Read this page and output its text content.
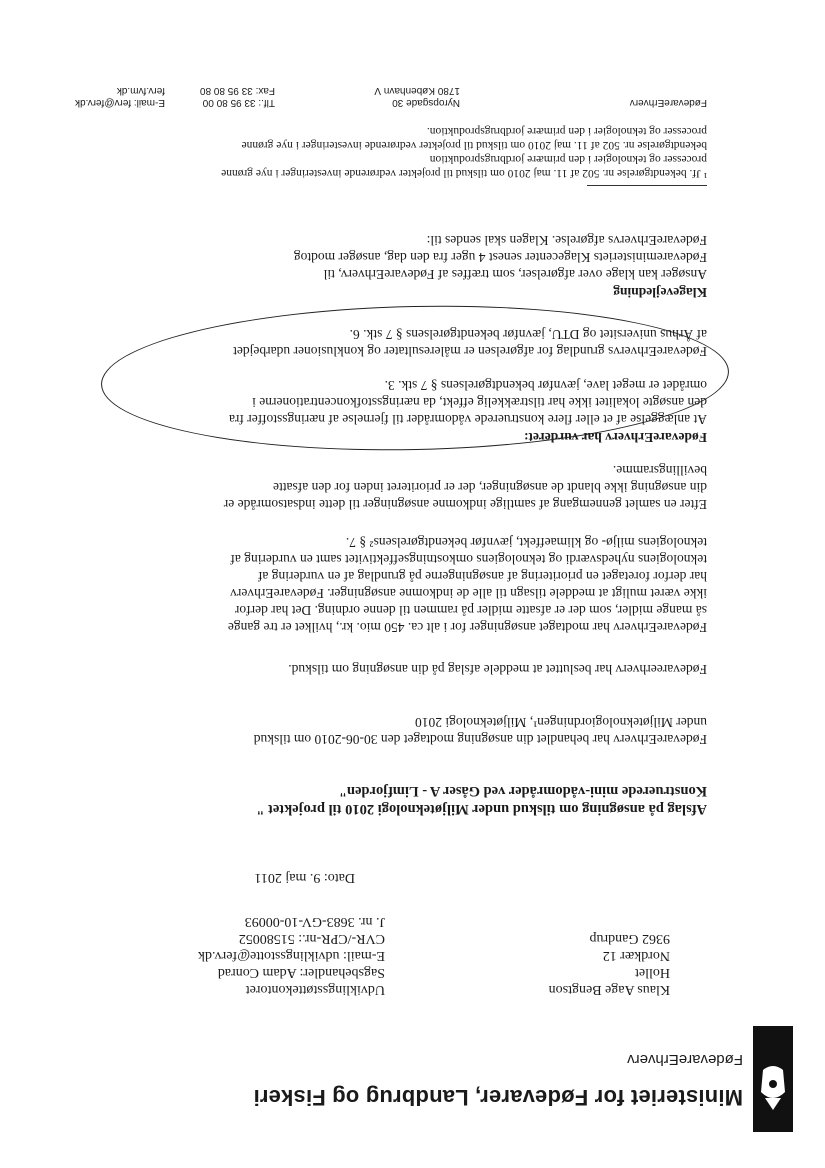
Ministeriet for Fødevarer, Landbrug og Fiskeri
FødevareErhverv
Klaus Aage Bengtson
Hollet
Nordkær 12
9362 Gandrup
Udviklingsstøttekontoret
Sagsbehandler: Adam Conrad
E-mail: udviklingsstotte@ferv.dk
CVR-/CPR-nr.: 51580052
J. nr. 3683-GV-10-00093
Dato: 9. maj 2011
Afslag på ansøgning om tilskud under Miljøteknologi 2010 til projektet "
Konstruerede mini-vådområder ved Gåser A - Limfjorden"
FødevareErhverv har behandlet din ansøgning modtaget den 30-06-2010 om tilskud
under Miljøteknologiordningen¹, Miljøteknologi 2010
Fødevareerhverv har besluttet at meddele afslag på din ansøgning om tilskud.
FødevareErhverv har modtaget ansøgninger for i alt ca. 450 mio. kr., hvilket er tre gange
så mange midler, som der er afsatte midler på rammen til denne ordning. Det har derfor
ikke været muligt at meddele tilsagn til alle de indkomne ansøgninger. FødevareErhverv
har derfor foretaget en prioritering af ansøgningerne på grundlag af en vurdering af
teknologiens nyhedsværdi og teknologiens omkostningseffektivitet samt en vurdering af
teknologiens miljø- og klimaeffekt, jævnfør bekendtgørelsens² § 7.
Efter en samlet gennemgang af samtlige indkomne ansøgninger til dette indsatsområde er
din ansøgning ikke blandt de ansøgninger, der er prioriteret inden for den afsatte
bevillingsramme.
FødevareErhverv har vurderet:
At anlæggelse af et eller flere konstruerede vådområder til fjernelse af næringsstoffer fra
den ansøgte lokalitet ikke har tilstrækkelig effekt, da næringsstofkoncentrationerne i
området er meget lave, jævnfør bekendtgørelsens § 7 stk. 3.
FødevareErhvervs grundlag for afgørelsen er måleresultater og konklusioner udarbejdet
af Århus universitet og DTU, jævnfør bekendtgørelsens § 7 stk. 6.
Klagevejledning
Ansøger kan klage over afgørelser, som træffes af FødevareErhverv, til
Fødevareministeriets Klagecenter senest 4 uger fra den dag, ansøger modtog
FødevareErhvervs afgørelse. Klagen skal sendes til:
¹ Jf. bekendtgørelse nr. 502 af 11. maj 2010 om tilskud til projekter vedrørende investeringer i nye grønne
processer og teknologier i den primære jordbrugsproduktion
bekendtgørelse nr. 502 af 11. maj 2010 om tilskud til projekter vedrørende investeringer i nye grønne
processer og teknologier i den primære jordbrugsproduktion.
FødevareErhverv
Nyropsgade 30
1780 København V
Tlf.: 33 95 80 00
Fax: 33 95 80 80
E-mail: ferv@ferv.dk
ferv.fvm.dk
